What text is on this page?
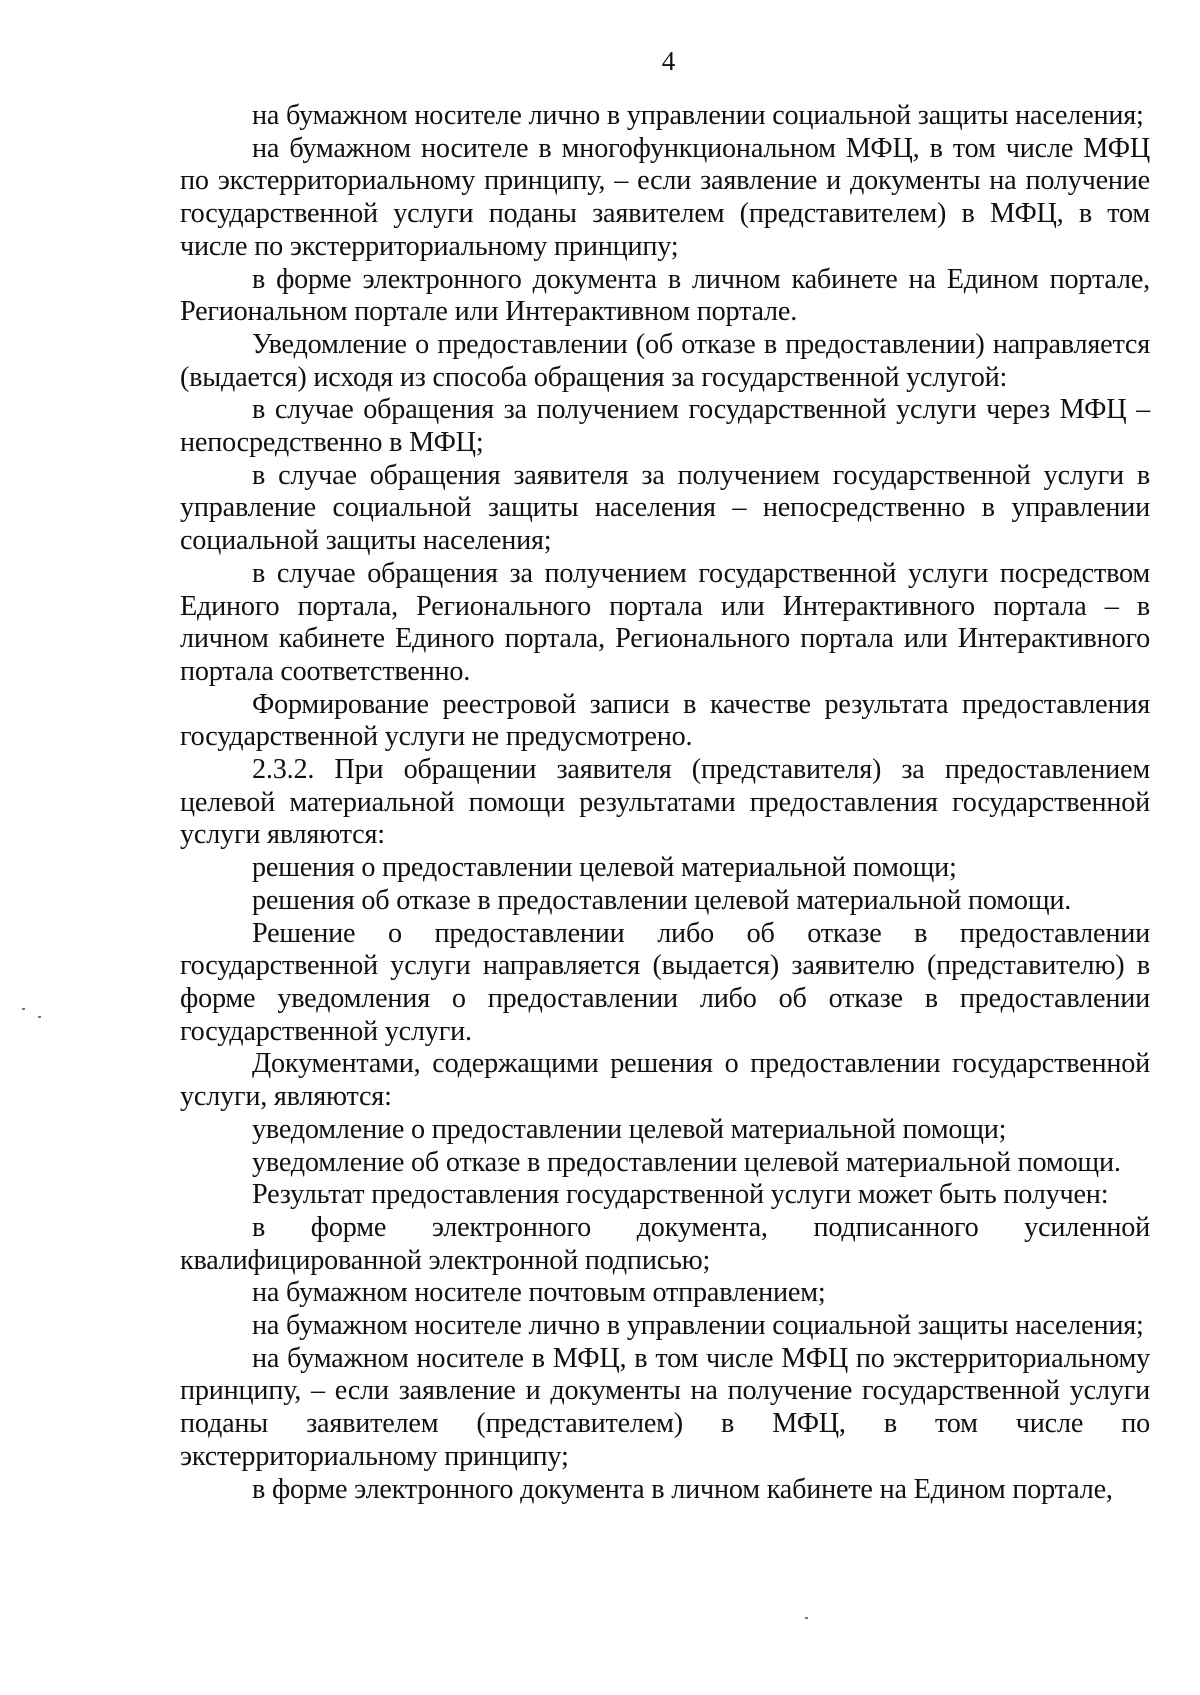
4

на бумажном носителе лично в управлении социальной защиты населения;

на бумажном носителе в многофункциональном МФЦ, в том числе МФЦ по экстерриториальному принципу, – если заявление и документы на получение государственной услуги поданы заявителем (представителем) в МФЦ, в том числе по экстерриториальному принципу;

в форме электронного документа в личном кабинете на Едином портале, Региональном портале или Интерактивном портале.

Уведомление о предоставлении (об отказе в предоставлении) направляется (выдается) исходя из способа обращения за государственной услугой:

в случае обращения за получением государственной услуги через МФЦ – непосредственно в МФЦ;

в случае обращения заявителя за получением государственной услуги в управление социальной защиты населения – непосредственно в управлении социальной защиты населения;

в случае обращения за получением государственной услуги посредством Единого портала, Регионального портала или Интерактивного портала – в личном кабинете Единого портала, Регионального портала или Интерактивного портала соответственно.

Формирование реестровой записи в качестве результата предоставления государственной услуги не предусмотрено.

2.3.2. При обращении заявителя (представителя) за предоставлением целевой материальной помощи результатами предоставления государственной услуги являются:

решения о предоставлении целевой материальной помощи;

решения об отказе в предоставлении целевой материальной помощи.

Решение о предоставлении либо об отказе в предоставлении государственной услуги направляется (выдается) заявителю (представителю) в форме уведомления о предоставлении либо об отказе в предоставлении государственной услуги.

Документами, содержащими решения о предоставлении государственной услуги, являются:

уведомление о предоставлении целевой материальной помощи;

уведомление об отказе в предоставлении целевой материальной помощи.

Результат предоставления государственной услуги может быть получен:

в форме электронного документа, подписанного усиленной квалифицированной электронной подписью;

на бумажном носителе почтовым отправлением;

на бумажном носителе лично в управлении социальной защиты населения;

на бумажном носителе в МФЦ, в том числе МФЦ по экстерриториальному принципу, – если заявление и документы на получение государственной услуги поданы заявителем (представителем) в МФЦ, в том числе по экстерриториальному принципу;

в форме электронного документа в личном кабинете на Едином портале,
